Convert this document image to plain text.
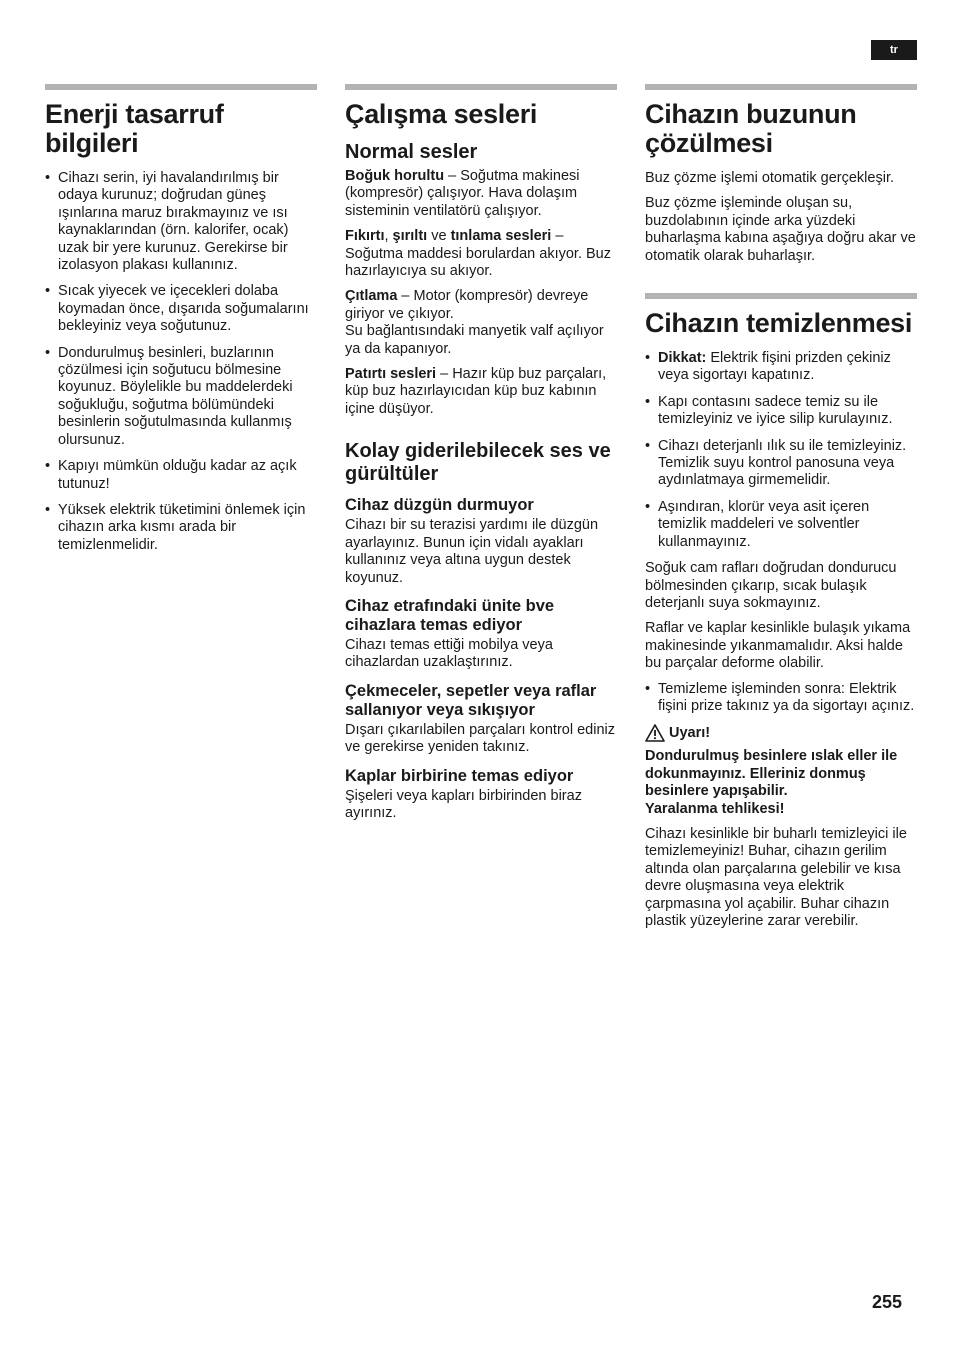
tr
Enerji tasarruf bilgileri
• Cihazı serin, iyi havalandırılmış bir odaya kurunuz; doğrudan güneş ışınlarına maruz bırakmayınız ve ısı kaynaklarından (örn. kalorifer, ocak) uzak bir yere kurunuz. Gerekirse bir izolasyon plakası kullanınız.
• Sıcak yiyecek ve içecekleri dolaba koymadan önce, dışarıda soğumalarını bekleyiniz veya soğutunuz.
• Dondurulmuş besinleri, buzlarının çözülmesi için soğutucu bölmesine koyunuz. Böylelikle bu maddelerdeki soğukluğu, soğutma bölümündeki besinlerin soğutulmasında kullanmış olursunuz.
• Kapıyı mümkün olduğu kadar az açık tutunuz!
• Yüksek elektrik tüketimini önlemek için cihazın arka kısmı arada bir temizlenmelidir.
Çalışma sesleri
Normal sesler

Boğuk horultu – Soğutma makinesi (kompresör) çalışıyor. Hava dolaşım sisteminin ventilatörü çalışıyor.

Fıkırtı, şırıltı ve tınlama sesleri – Soğutma maddesi borulardan akıyor. Buz hazırlayıcıya su akıyor.

Çıtlama – Motor (kompresör) devreye giriyor ve çıkıyor.

Su bağlantısındaki manyetik valf açılıyor ya da kapanıyor.

Patırtı sesleri – Hazır küp buz parçaları, küp buz hazırlayıcıdan küp buz kabının içine düşüyor.

Kolay giderilebilecek ses ve gürültüler
Cihaz düzgün durmuyor

Cihazı bir su terazisi yardımı ile düzgün ayarlayınız. Bunun için vidalı ayakları kullanınız veya altına uygun destek koyunuz.

Cihaz etrafındaki ünite bve cihazlara temas ediyor

Cihazı temas ettiği mobilya veya cihazlardan uzaklaştırınız.

Çekmeceler, sepetler veya raflar sallanıyor veya sıkışıyor

Dışarı çıkarılabilen parçaları kontrol ediniz ve gerekirse yeniden takınız.

Kaplar birbirine temas ediyor

Şişeleri veya kapları birbirinden biraz ayırınız.

Cihazın buzunun çözülmesi

Buz çözme işlemi otomatik gerçekleşir.

Buz çözme işleminde oluşan su, buzdolabının içinde arka yüzdeki buharlaşma kabına aşağıya doğru akar ve otomatik olarak buharlaşır.

Cihazın temizlenmesi
• Dikkat: Elektrik fişini prizden çekiniz veya sigortayı kapatınız.
• Kapı contasını sadece temiz su ile temizleyiniz ve iyice silip kurulayınız.
• Cihazı deterjanlı ılık su ile temizleyiniz. Temizlik suyu kontrol panosuna veya aydınlatmaya girmemelidir.
• Aşındıran, klorür veya asit içeren temizlik maddeleri ve solventler kullanmayınız.

Soğuk cam rafları doğrudan dondurucu bölmesinden çıkarıp, sıcak bulaşık deterjanlı suya sokmayınız.

Raflar ve kaplar kesinlikle bulaşık yıkama makinesinde yıkanmamalıdır. Aksi halde bu parçalar deforme olabilir.

• Temizleme işleminden sonra: Elektrik fişini prize takınız ya da sigortayı açınız.
Uyarı!

Dondurulmuş besinlere ıslak eller ile dokunmayınız. Elleriniz donmuş besinlere yapışabilir.

Yaralanma tehlikesi!

Cihazı kesinlikle bir buharlı temizleyici ile temizlemeyiniz! Buhar, cihazın gerilim altında olan parçalarına gelebilir ve kısa devre oluşmasına veya elektrik çarpmasına yol açabilir. Buhar cihazın plastik yüzeylerine zarar verebilir.

255
